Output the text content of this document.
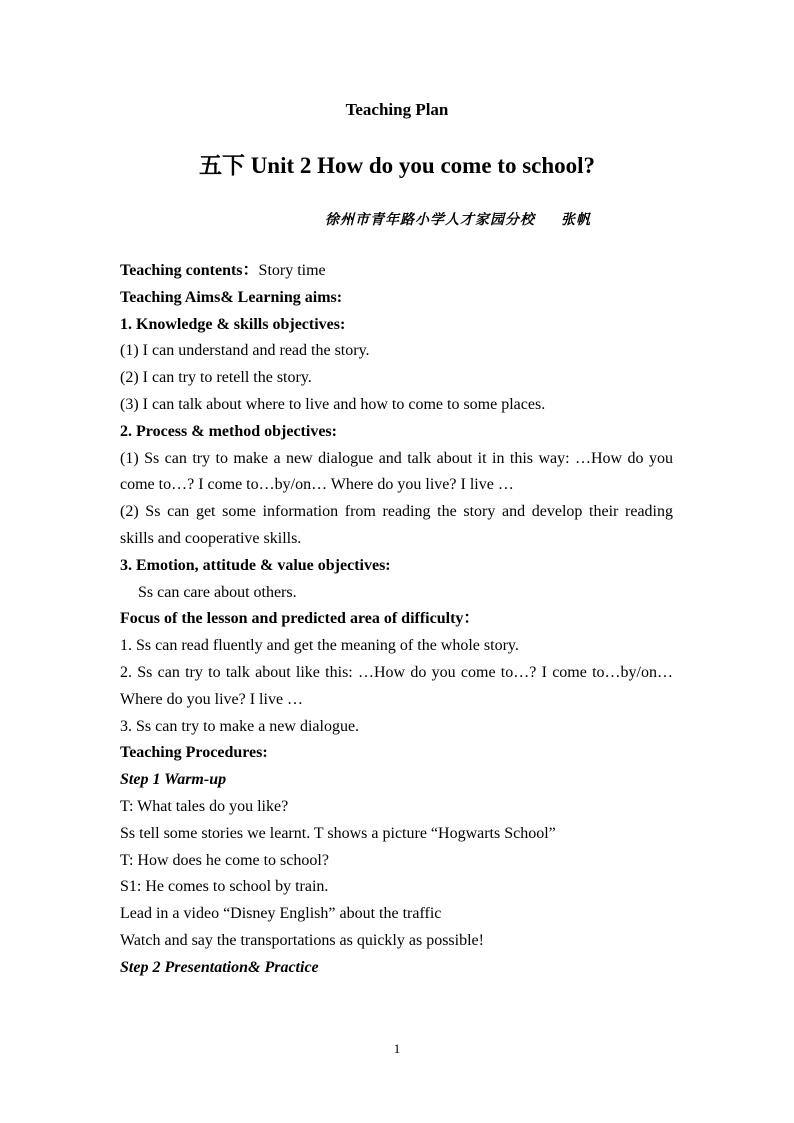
Teaching Plan
五下 Unit 2 How do you come to school?
徐州市青年路小学人才家园分校 张帆
Teaching contents：Story time
Teaching Aims& Learning aims:
1. Knowledge & skills objectives:
(1) I can understand and read the story.
(2) I can try to retell the story.
(3) I can talk about where to live and how to come to some places.
2. Process & method objectives:
(1) Ss can try to make a new dialogue and talk about it in this way: …How do you come to…? I come to…by/on… Where do you live? I live …
(2) Ss can get some information from reading the story and develop their reading skills and cooperative skills.
3. Emotion, attitude & value objectives:
Ss can care about others.
Focus of the lesson and predicted area of difficulty：
1. Ss can read fluently and get the meaning of the whole story.
2. Ss can try to talk about like this: …How do you come to…? I come to…by/on… Where do you live? I live …
3. Ss can try to make a new dialogue.
Teaching Procedures:
Step 1 Warm-up
T: What tales do you like?
Ss tell some stories we learnt. T shows a picture “Hogwarts School”
T: How does he come to school?
S1: He comes to school by train.
Lead in a video “Disney English” about the traffic
Watch and say the transportations as quickly as possible!
Step 2 Presentation& Practice
1
